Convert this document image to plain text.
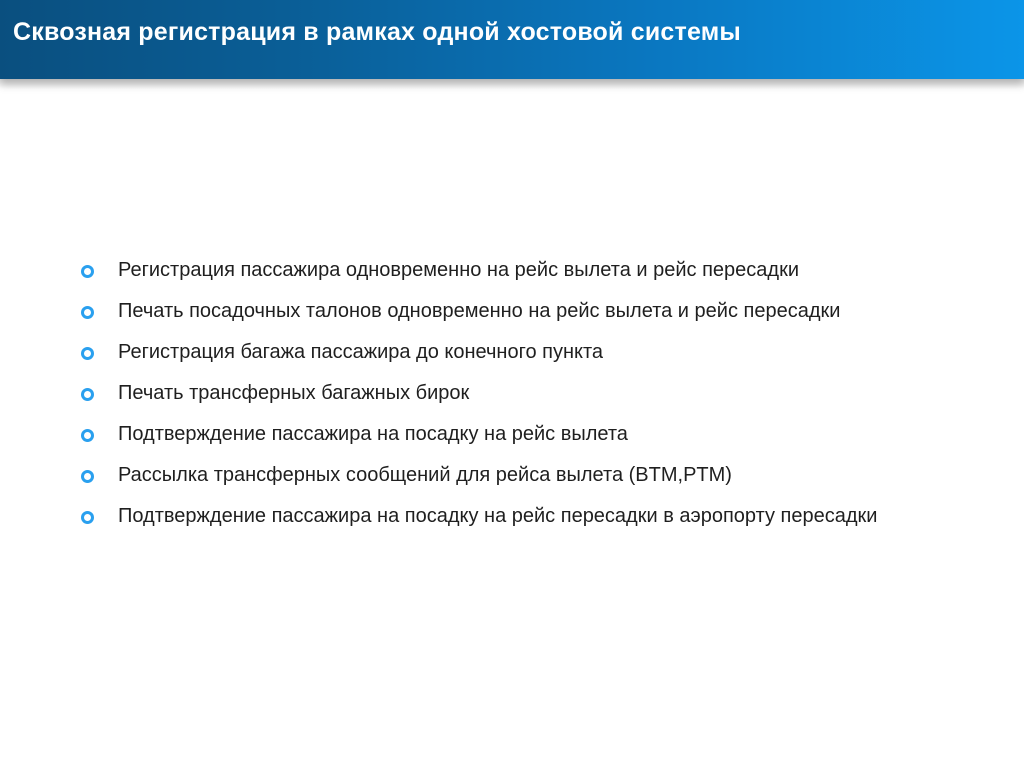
Сквозная регистрация в рамках одной хостовой системы
Регистрация пассажира одновременно на рейс вылета и рейс пересадки
Печать посадочных талонов одновременно на рейс вылета и рейс пересадки
Регистрация багажа пассажира до конечного пункта
Печать трансферных багажных бирок
Подтверждение пассажира на посадку на рейс вылета
Рассылка трансферных сообщений для рейса вылета (BTM,PTM)
Подтверждение пассажира на посадку на рейс пересадки в аэропорту пересадки
